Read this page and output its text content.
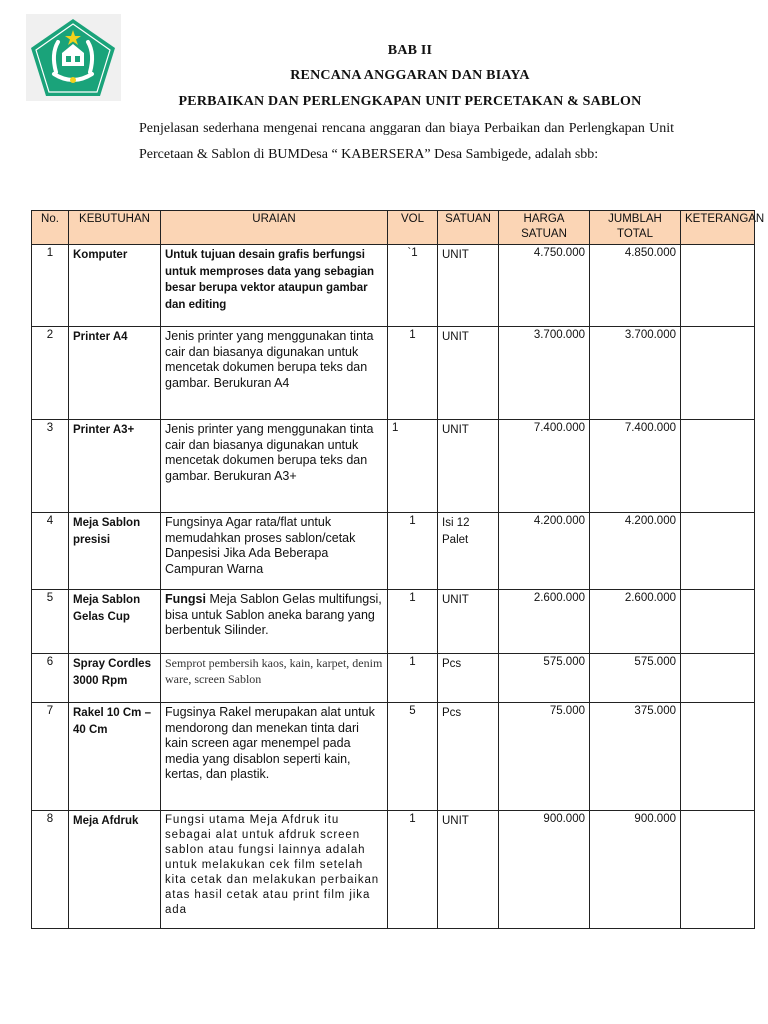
BAB II
RENCANA ANGGARAN DAN BIAYA
PERBAIKAN DAN PERLENGKAPAN UNIT PERCETAKAN & SABLON
Penjelasan sederhana mengenai rencana anggaran dan biaya Perbaikan dan Perlengkapan Unit Percetaan & Sablon di BUMDesa “ KABERSERA” Desa Sambigede, adalah sbb:
No.	KEBUTUHAN	URAIAN	VOL	SATUAN	HARGA SATUAN	JUMBLAH TOTAL	KETERANGAN
1	Komputer	Untuk tujuan desain grafis berfungsi untuk memproses data yang sebagian besar berupa vektor ataupun gambar dan editing	`1	UNIT	4.750.000	4.850.000	
2	Printer A4	Jenis printer yang menggunakan tinta cair dan biasanya digunakan untuk mencetak dokumen berupa teks dan gambar. Berukuran A4	1	UNIT	3.700.000	3.700.000	
3	Printer A3+	Jenis printer yang menggunakan tinta cair dan biasanya digunakan untuk mencetak dokumen berupa teks dan gambar. Berukuran A3+	1	UNIT	7.400.000	7.400.000	
4	Meja Sablon presisi	Fungsinya Agar rata/flat untuk memudahkan proses sablon/cetak Danpesisi Jika Ada Beberapa Campuran Warna	1	Isi 12 Palet	4.200.000	4.200.000	
5	Meja Sablon Gelas Cup	Fungsi Meja Sablon Gelas multifungsi, bisa untuk Sablon aneka barang yang berbentuk Silinder.	1	UNIT	2.600.000	2.600.000	
6	Spray Cordles 3000 Rpm	Semprot pembersih kaos, kain, karpet, denim ware, screen Sablon	1	Pcs	575.000	575.000	
7	Rakel 10 Cm – 40 Cm	Fugsinya Rakel merupakan alat untuk mendorong dan menekan tinta dari kain screen agar menempel pada media yang disablon seperti kain, kertas, dan plastik.	5	Pcs	75.000	375.000	
8	Meja Afdruk	Fungsi utama Meja Afdruk itu sebagai alat untuk afdruk screen sablon atau fungsi lainnya adalah untuk melakukan cek film setelah kita cetak dan melakukan perbaikan atas hasil cetak atau print film jika ada	1	UNIT	900.000	900.000	
